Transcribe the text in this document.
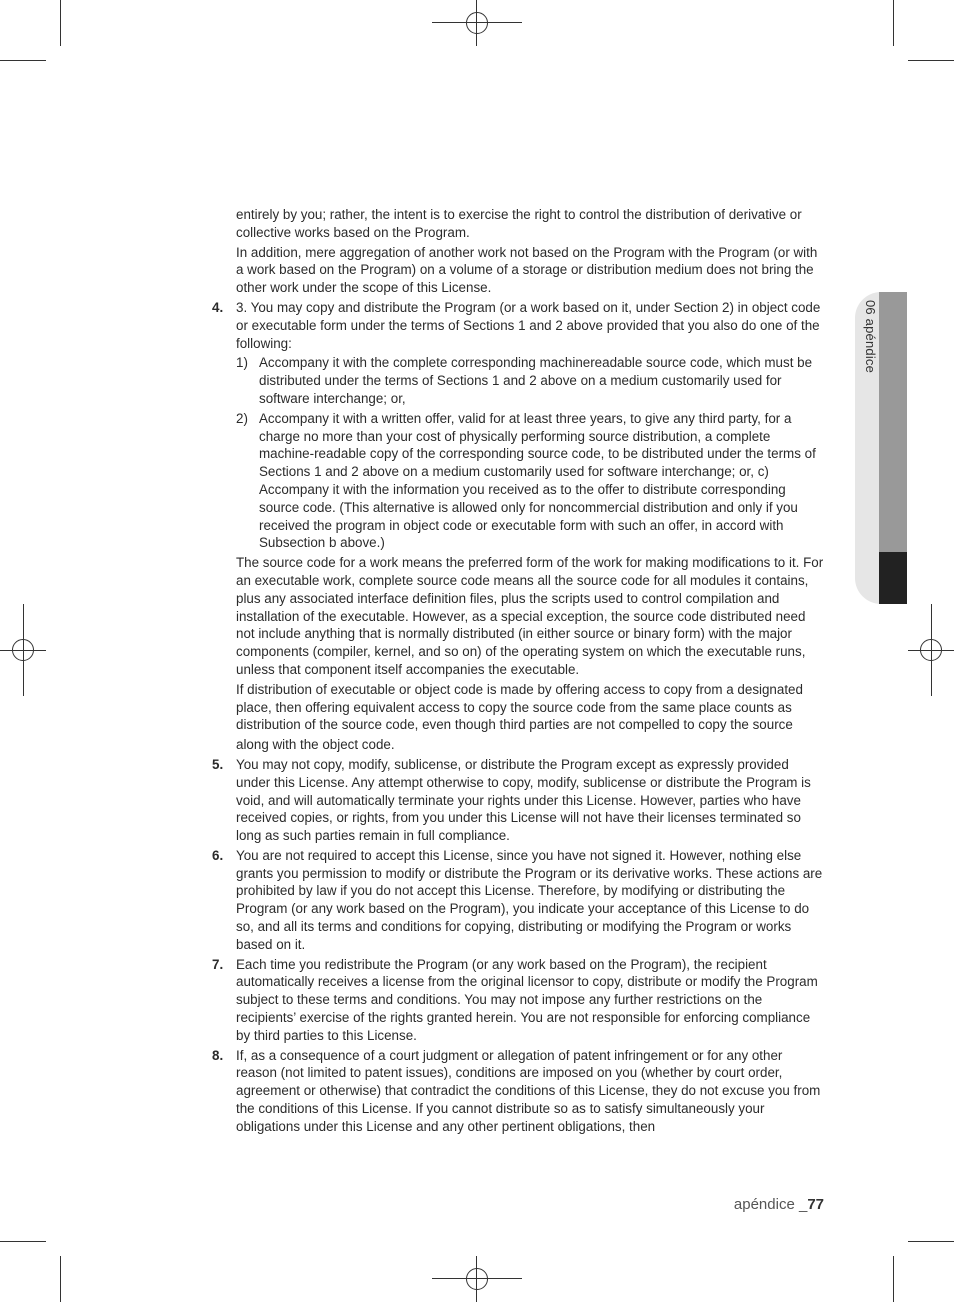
06 apéndice

entirely by you; rather, the intent is to exercise the right to control the distribution of derivative or collective works based on the Program.

In addition, mere aggregation of another work not based on the Program with the Program (or with a work based on the Program) on a volume of a storage or distribution medium does not bring the other work under the scope of this License.

4. 3. You may copy and distribute the Program (or a work based on it, under Section 2) in object code or executable form under the terms of Sections 1 and 2 above provided that you also do one of the following:

1) Accompany it with the complete corresponding machinereadable source code, which must be distributed under the terms of Sections 1 and 2 above on a medium customarily used for software interchange; or,
2) Accompany it with a written offer, valid for at least three years, to give any third party, for a charge no more than your cost of physically performing source distribution, a complete machine-readable copy of the corresponding source code, to be distributed under the terms of Sections 1 and 2 above on a medium customarily used for software interchange; or, c) Accompany it with the information you received as to the offer to distribute corresponding source code. (This alternative is allowed only for noncommercial distribution and only if you received the program in object code or executable form with such an offer, in accord with Subsection b above.)

The source code for a work means the preferred form of the work for making modifications to it. For an executable work, complete source code means all the source code for all modules it contains, plus any associated interface definition files, plus the scripts used to control compilation and installation of the executable. However, as a special exception, the source code distributed need not include anything that is normally distributed (in either source or binary form) with the major components (compiler, kernel, and so on) of the operating system on which the executable runs, unless that component itself accompanies the executable.

If distribution of executable or object code is made by offering access to copy from a designated place, then offering equivalent access to copy the source code from the same place counts as distribution of the source code, even though third parties are not compelled to copy the source

along with the object code.

5. You may not copy, modify, sublicense, or distribute the Program except as expressly provided under this License. Any attempt otherwise to copy, modify, sublicense or distribute the Program is void, and will automatically terminate your rights under this License. However, parties who have received copies, or rights, from you under this License will not have their licenses terminated so long as such parties remain in full compliance.

6. You are not required to accept this License, since you have not signed it. However, nothing else grants you permission to modify or distribute the Program or its derivative works. These actions are prohibited by law if you do not accept this License. Therefore, by modifying or distributing the Program (or any work based on the Program), you indicate your acceptance of this License to do so, and all its terms and conditions for copying, distributing or modifying the Program or works based on it.

7. Each time you redistribute the Program (or any work based on the Program), the recipient automatically receives a license from the original licensor to copy, distribute or modify the Program subject to these terms and conditions. You may not impose any further restrictions on the recipients’ exercise of the rights granted herein. You are not responsible for enforcing compliance by third parties to this License.

8. If, as a consequence of a court judgment or allegation of patent infringement or for any other reason (not limited to patent issues), conditions are imposed on you (whether by court order, agreement or otherwise) that contradict the conditions of this License, they do not excuse you from the conditions of this License. If you cannot distribute so as to satisfy simultaneously your obligations under this License and any other pertinent obligations, then

apéndice _77
